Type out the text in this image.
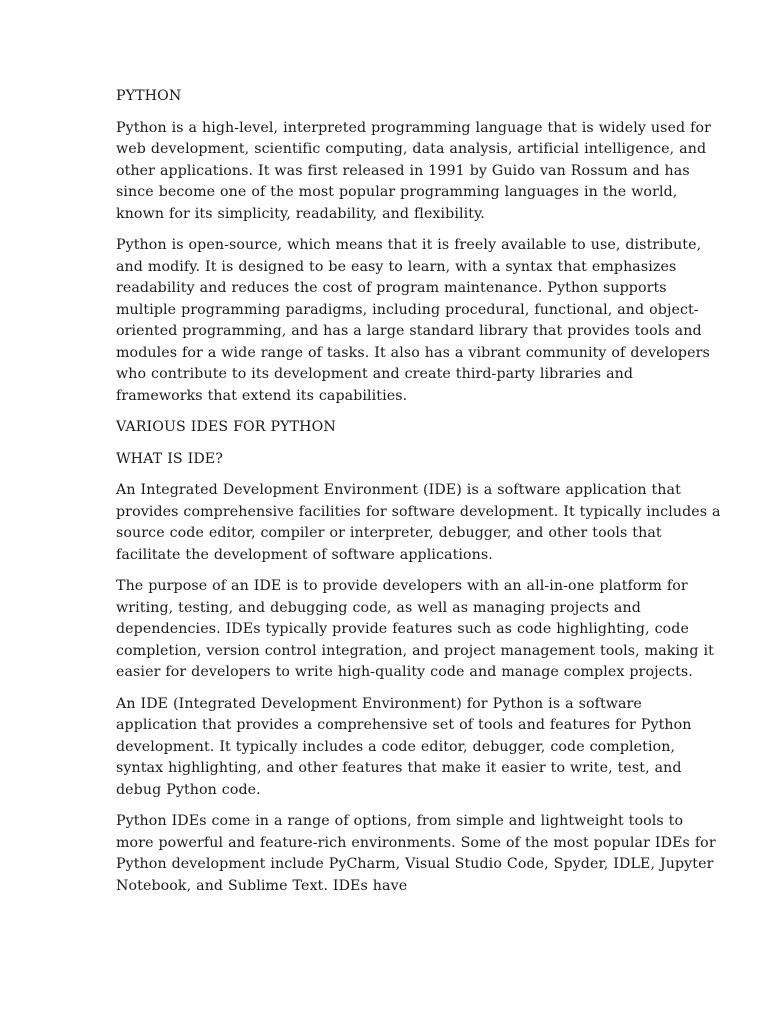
PYTHON

Python is a high-level, interpreted programming language that is widely used for web development, scientific computing, data analysis, artificial intelligence, and other applications. It was first released in 1991 by Guido van Rossum and has since become one of the most popular programming languages in the world, known for its simplicity, readability, and flexibility.

Python is open-source, which means that it is freely available to use, distribute, and modify. It is designed to be easy to learn, with a syntax that emphasizes readability and reduces the cost of program maintenance. Python supports multiple programming paradigms, including procedural, functional, and object-oriented programming, and has a large standard library that provides tools and modules for a wide range of tasks. It also has a vibrant community of developers who contribute to its development and create third-party libraries and frameworks that extend its capabilities.

VARIOUS IDES FOR PYTHON

WHAT IS IDE?

An Integrated Development Environment (IDE) is a software application that provides comprehensive facilities for software development. It typically includes a source code editor, compiler or interpreter, debugger, and other tools that facilitate the development of software applications.

The purpose of an IDE is to provide developers with an all-in-one platform for writing, testing, and debugging code, as well as managing projects and dependencies. IDEs typically provide features such as code highlighting, code completion, version control integration, and project management tools, making it easier for developers to write high-quality code and manage complex projects.

An IDE (Integrated Development Environment) for Python is a software application that provides a comprehensive set of tools and features for Python development. It typically includes a code editor, debugger, code completion, syntax highlighting, and other features that make it easier to write, test, and debug Python code.

Python IDEs come in a range of options, from simple and lightweight tools to more powerful and feature-rich environments. Some of the most popular IDEs for Python development include PyCharm, Visual Studio Code, Spyder, IDLE, Jupyter Notebook, and Sublime Text. IDEs have
